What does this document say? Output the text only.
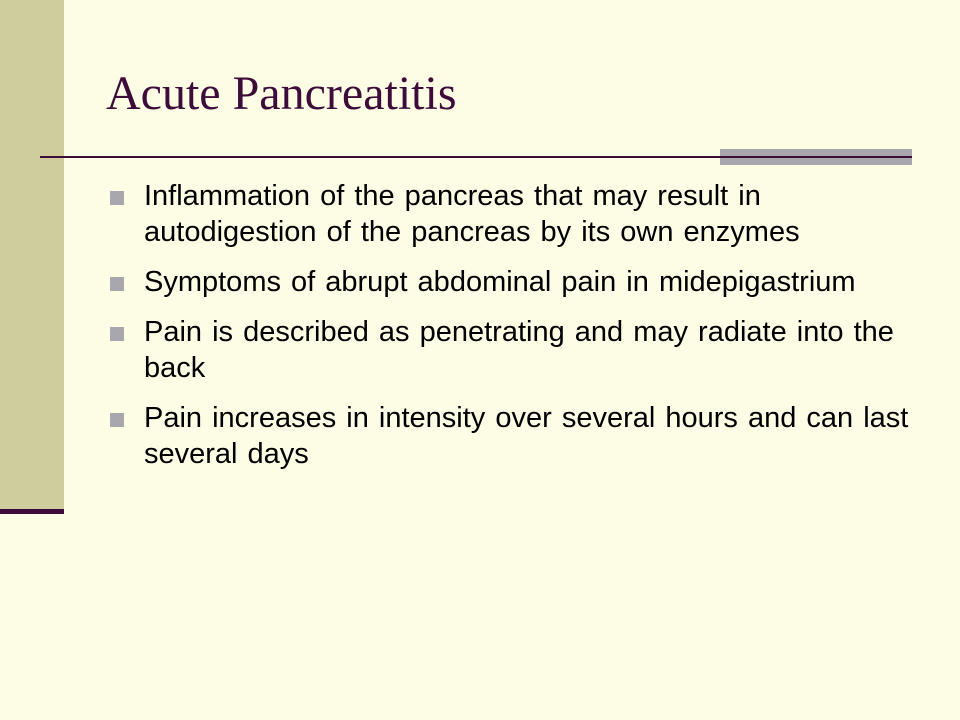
Acute Pancreatitis
Inflammation of the pancreas that may result in autodigestion of the pancreas by its own enzymes
Symptoms of abrupt abdominal pain in midepigastrium
Pain is described as penetrating and may radiate into the back
Pain increases in intensity over several hours and can last several days
